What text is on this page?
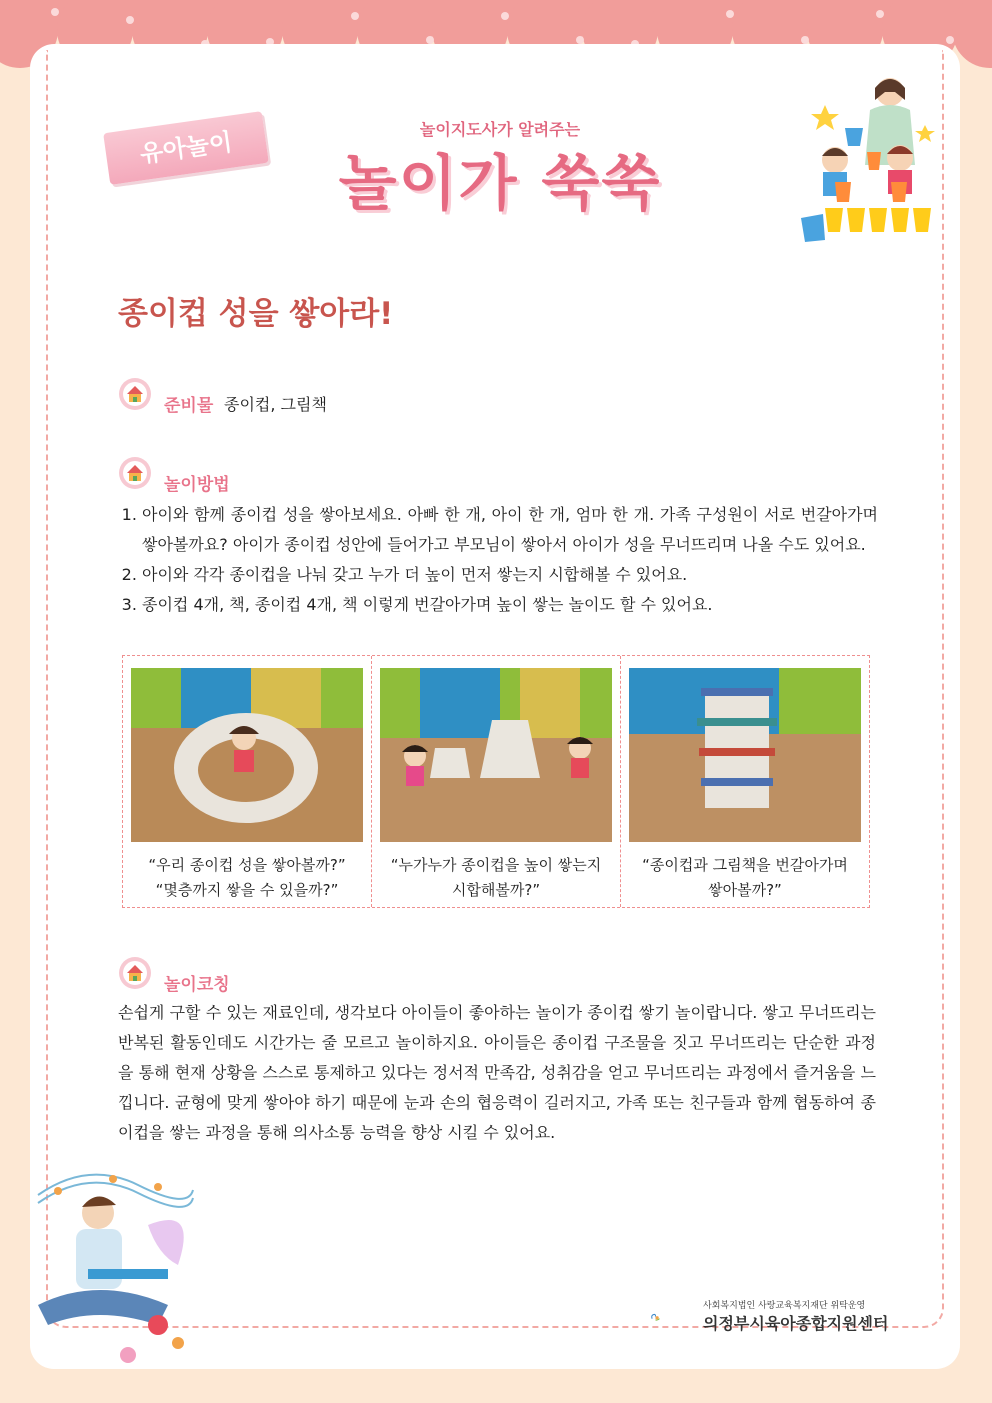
유아놀이	놀이지도사가 알려주는
놀이가 쑥쑥
종이컵 성을 쌓아라!
준비물 종이컵, 그림책
놀이방법
1. 아이와 함께 종이컵 성을 쌓아보세요. 아빠 한 개, 아이 한 개, 엄마 한 개. 가족 구성원이 서로 번갈아가며 쌓아볼까요? 아이가 종이컵 성안에 들어가고 부모님이 쌓아서 아이가 성을 무너뜨리며 나올 수도 있어요.
2. 아이와 각각 종이컵을 나눠 갖고 누가 더 높이 먼저 쌓는지 시합해볼 수 있어요.
3. 종이컵 4개, 책, 종이컵 4개, 책 이렇게 번갈아가며 높이 쌓는 놀이도 할 수 있어요.
“우리 종이컵 성을 쌓아볼까?”
“몇층까지 쌓을 수 있을까?”
“누가누가 종이컵을 높이 쌓는지
시합해볼까?”
“종이컵과 그림책을 번갈아가며
쌓아볼까?”
놀이코칭
손쉽게 구할 수 있는 재료인데, 생각보다 아이들이 좋아하는 놀이가 종이컵 쌓기 놀이랍니다. 쌓고 무너뜨리는 반복된 활동인데도 시간가는 줄 모르고 놀이하지요. 아이들은 종이컵 구조물을 짓고 무너뜨리는 단순한 과정을 통해 현재 상황을 스스로 통제하고 있다는 정서적 만족감, 성취감을 얻고 무너뜨리는 과정에서 즐거움을 느낍니다. 균형에 맞게 쌓아야 하기 때문에 눈과 손의 협응력이 길러지고, 가족 또는 친구들과 함께 협동하여 종이컵을 쌓는 과정을 통해 의사소통 능력을 향상 시킬 수 있어요.
사회복지법인 사랑교육복지재단 위탁운영
의정부시육아종합지원센터
